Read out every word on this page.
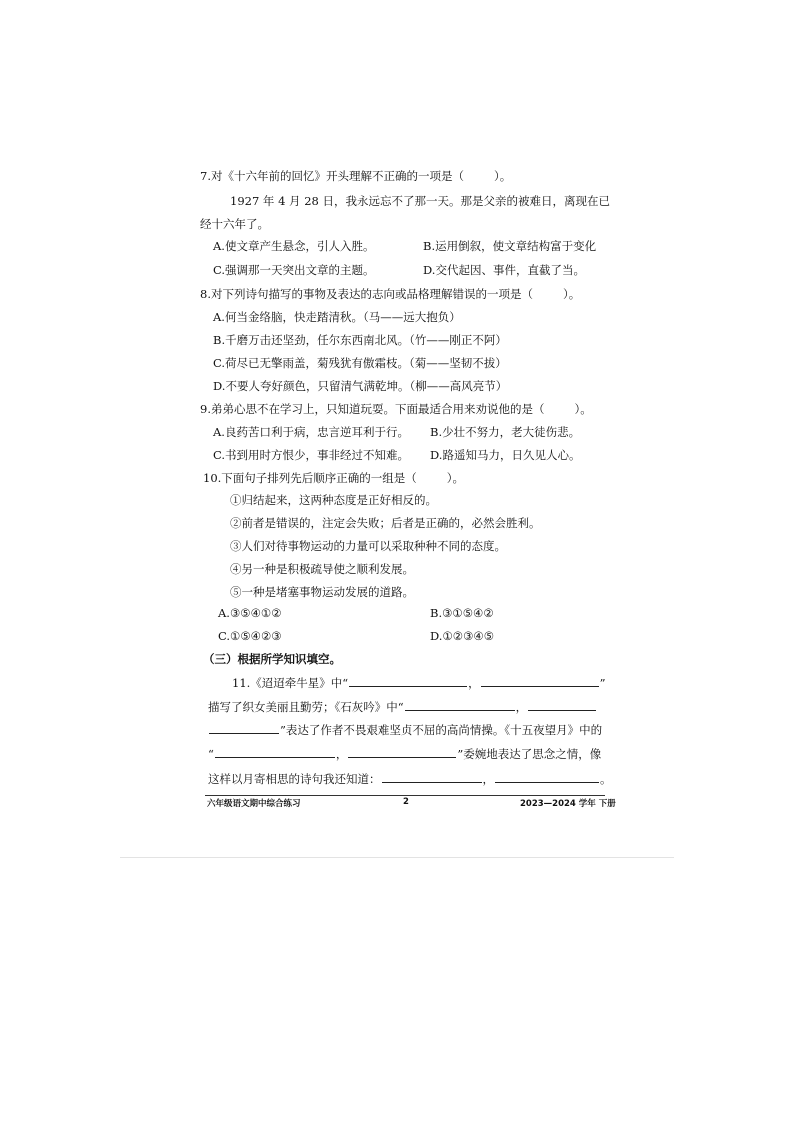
7.对《十六年前的回忆》开头理解不正确的一项是（	）。
1927 年 4 月 28 日，我永远忘不了那一天。那是父亲的被难日，离现在已
经十六年了。
A.使文章产生悬念，引人入胜。	B.运用倒叙，使文章结构富于变化
C.强调那一天突出文章的主题。	D.交代起因、事件，直截了当。
8.对下列诗句描写的事物及表达的志向或品格理解错误的一项是（	）。
A.何当金络脑，快走踏清秋。（马——远大抱负）
B.千磨万击还坚劲，任尔东西南北风。（竹——刚正不阿）
C.荷尽已无擎雨盖，菊残犹有傲霜枝。（菊——坚韧不拔）
D.不要人夸好颜色，只留清气满乾坤。（柳——高风亮节）
9.弟弟心思不在学习上，只知道玩耍。下面最适合用来劝说他的是（	）。
A.良药苦口利于病，忠言逆耳利于行。 B.少壮不努力，老大徒伤悲。
C.书到用时方恨少，事非经过不知难。 D.路遥知马力，日久见人心。
10.下面句子排列先后顺序正确的一组是（	）。
①归结起来，这两种态度是正好相反的。
②前者是错误的，注定会失败；后者是正确的，必然会胜利。
③人们对待事物运动的力量可以采取种种不同的态度。
④另一种是积极疏导使之顺利发展。
⑤一种是堵塞事物运动发展的道路。
A.③⑤④①②	B.③①⑤④②
C.①⑤④②③	D.①②③④⑤
（三）根据所学知识填空。
11.《迢迢牵牛星》中“	，	”
描写了织女美丽且勤劳；《石灰吟》中“	，
”表达了作者不畏艰难坚贞不屈的高尚情操。《十五夜望月》中的
“	，	”委婉地表达了思念之情，像
这样以月寄相思的诗句我还知道：	，	。
六年级语文期中综合练习	2	2023—2024 学年 下册
